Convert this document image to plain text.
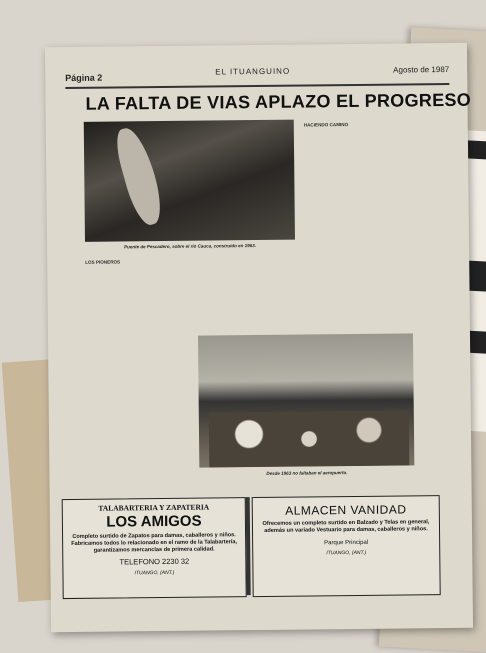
Página 2
EL ITUANGUINO	Agosto de 1987
LA FALTA DE VIAS APLAZO EL PROGRESO
Puente de Pescadero, sobre el río Cauca, construido en 1963.

HACIENDO CAMINO

LOS PIONEROS

Desde 1963 no faltaban el aeropuerto.
TALABARTERIA Y ZAPATERIA
LOS AMIGOS
Completo surtido de Zapatos para damas, caballeros y niños. Fabricamos todos lo relacionado en el ramo de la Talabartería, garantizamos mercancías de primera calidad.
TELEFONO 2230 32
ITUANGO, (ANT.)
ALMACEN VANIDAD
Ofrecemos un completo surtido en Balzado y Telas en general, además un variado Vestuario para damas, caballeros y niños.
Parque Principal
ITUANGO, (ANT.)
